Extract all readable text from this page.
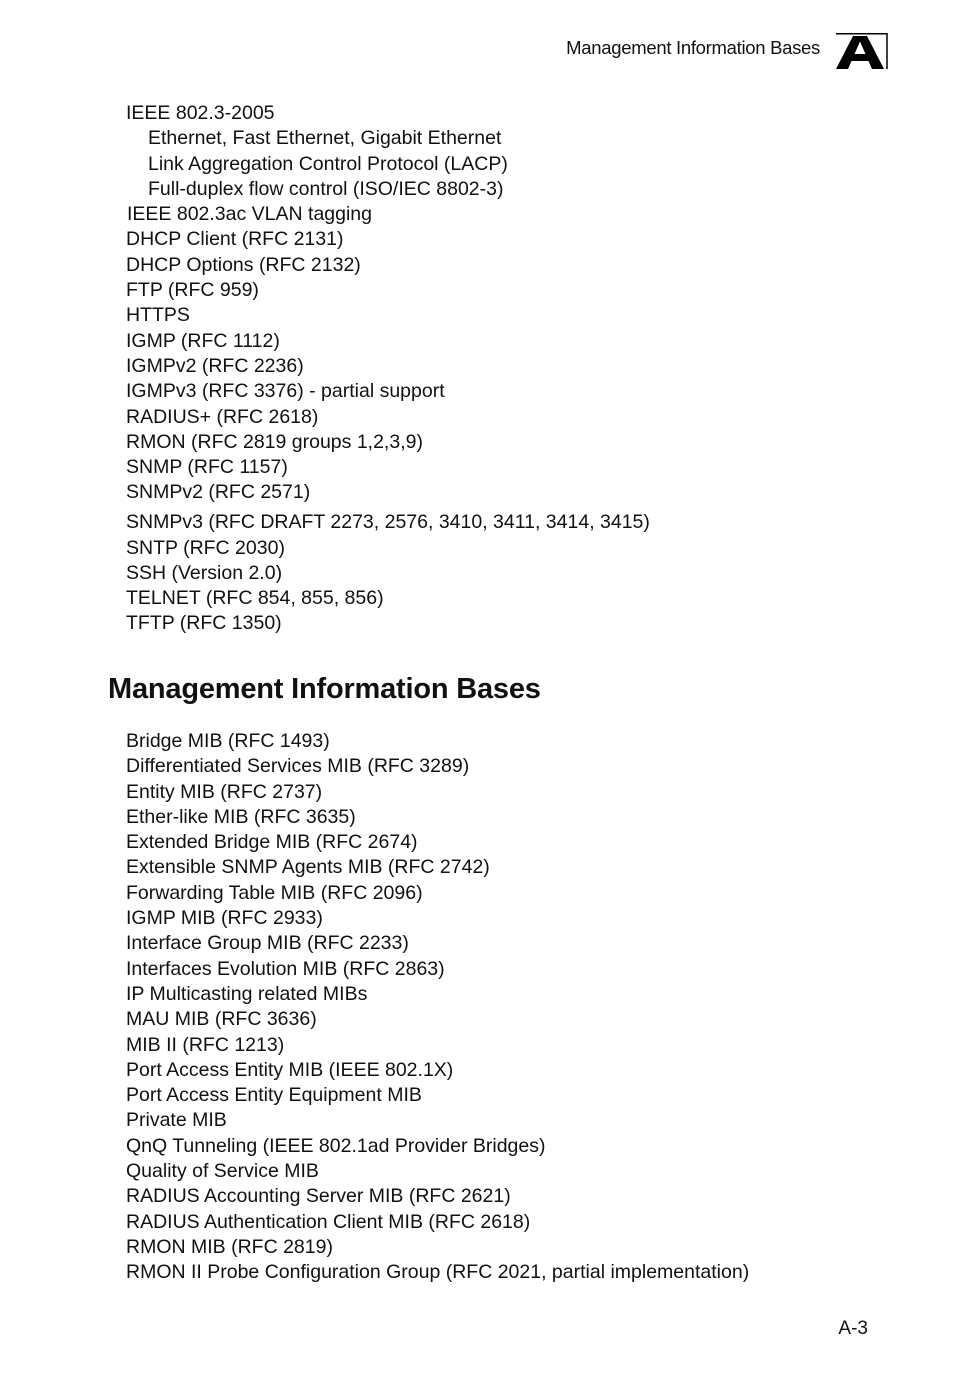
Management Information Bases
IEEE 802.3-2005
Ethernet, Fast Ethernet, Gigabit Ethernet
Link Aggregation Control Protocol (LACP)
Full-duplex flow control (ISO/IEC 8802-3)
IEEE 802.3ac VLAN tagging
DHCP Client (RFC 2131)
DHCP Options (RFC 2132)
FTP (RFC 959)
HTTPS
IGMP (RFC 1112)
IGMPv2 (RFC 2236)
IGMPv3 (RFC 3376) - partial support
RADIUS+ (RFC 2618)
RMON (RFC 2819 groups 1,2,3,9)
SNMP (RFC 1157)
SNMPv2 (RFC 2571)
SNMPv3 (RFC DRAFT 2273, 2576, 3410, 3411, 3414, 3415)
SNTP (RFC 2030)
SSH (Version 2.0)
TELNET (RFC 854, 855, 856)
TFTP (RFC 1350)
Management Information Bases
Bridge MIB (RFC 1493)
Differentiated Services MIB (RFC 3289)
Entity MIB (RFC 2737)
Ether-like MIB (RFC 3635)
Extended Bridge MIB (RFC 2674)
Extensible SNMP Agents MIB (RFC 2742)
Forwarding Table MIB (RFC 2096)
IGMP MIB (RFC 2933)
Interface Group MIB (RFC 2233)
Interfaces Evolution MIB (RFC 2863)
IP Multicasting related MIBs
MAU MIB (RFC 3636)
MIB II (RFC 1213)
Port Access Entity MIB (IEEE 802.1X)
Port Access Entity Equipment MIB
Private MIB
QnQ Tunneling (IEEE 802.1ad Provider Bridges)
Quality of Service MIB
RADIUS Accounting Server MIB (RFC 2621)
RADIUS Authentication Client MIB (RFC 2618)
RMON MIB (RFC 2819)
RMON II Probe Configuration Group (RFC 2021, partial implementation)
A-3
